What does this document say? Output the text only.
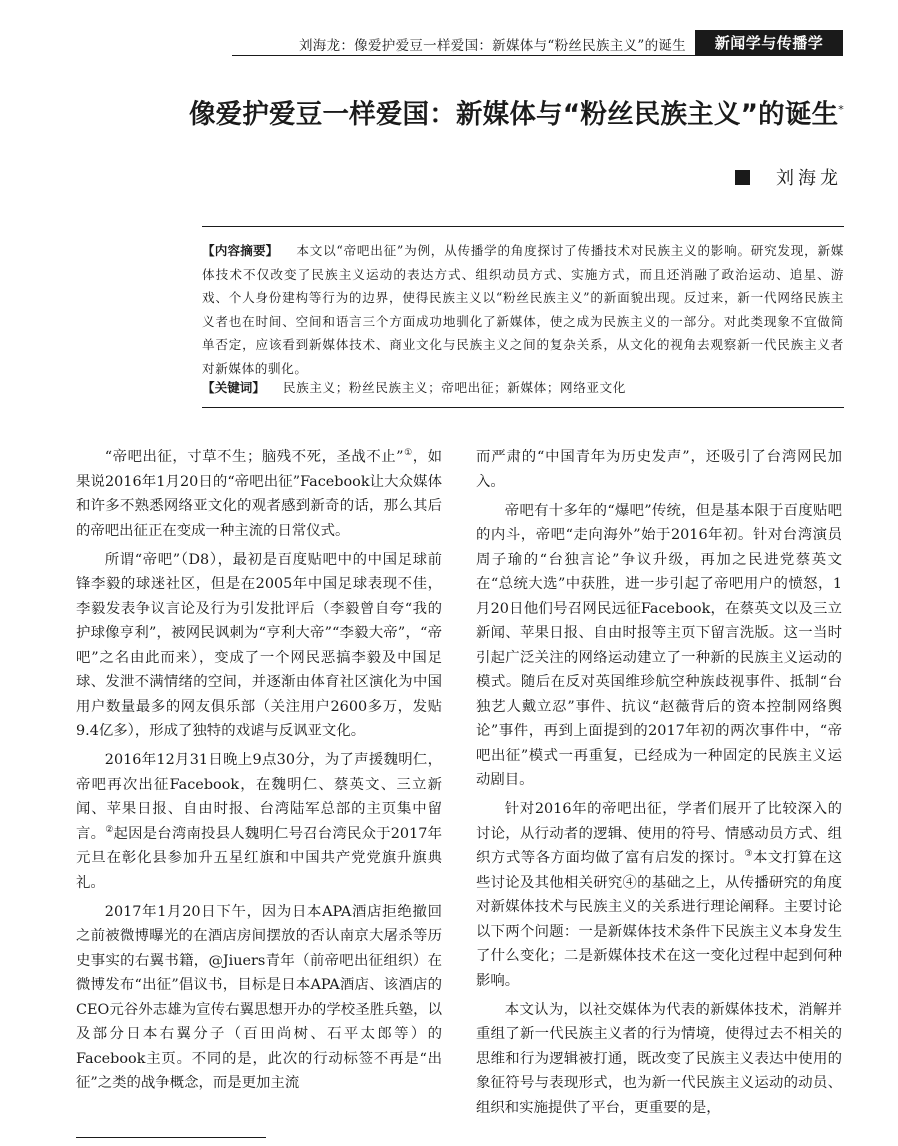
刘海龙：像爱护爱豆一样爱国：新媒体与“粉丝民族主义”的诞生	新闻学与传播学
像爱护爱豆一样爱国：新媒体与“粉丝民族主义”的诞生*
刘海龙
【内容摘要】 本文以“帝吧出征”为例，从传播学的角度探讨了传播技术对民族主义的影响。研究发现，新媒体技术不仅改变了民族主义运动的表达方式、组织动员方式、实施方式，而且还消融了政治运动、追星、游戏、个人身份建构等行为的边界，使得民族主义以“粉丝民族主义”的新面貌出现。反过来，新一代网络民族主义者也在时间、空间和语言三个方面成功地驯化了新媒体，使之成为民族主义的一部分。对此类现象不宜做简单否定，应该看到新媒体技术、商业文化与民族主义之间的复杂关系，从文化的视角去观察新一代民族主义者对新媒体的驯化。
【关键词】 民族主义；粉丝民族主义；帝吧出征；新媒体；网络亚文化

“帝吧出征，寸草不生；脑残不死，圣战不止”①，如果说2016年1月20日的“帝吧出征”Facebook让大众媒体和许多不熟悉网络亚文化的观者感到新奇的话，那么其后的帝吧出征正在变成一种主流的日常仪式。

所谓“帝吧”（D8），最初是百度贴吧中的中国足球前锋李毅的球迷社区，但是在2005年中国足球表现不佳，李毅发表争议言论及行为引发批评后（李毅曾自夸“我的护球像亨利”，被网民讽刺为“亨利大帝”“李毅大帝”，“帝吧”之名由此而来），变成了一个网民恶搞李毅及中国足球、发泄不满情绪的空间，并逐渐由体育社区演化为中国用户数量最多的网友俱乐部（关注用户2600多万，发贴9.4亿多），形成了独特的戏谑与反讽亚文化。

2016年12月31日晚上9点30分，为了声援魏明仁，帝吧再次出征Facebook，在魏明仁、蔡英文、三立新闻、苹果日报、自由时报、台湾陆军总部的主页集中留言。②起因是台湾南投县人魏明仁号召台湾民众于2017年元旦在彰化县参加升五星红旗和中国共产党党旗升旗典礼。

2017年1月20日下午，因为日本APA酒店拒绝撤回之前被微博曝光的在酒店房间摆放的否认南京大屠杀等历史事实的右翼书籍，@Jiuers青年（前帝吧出征组织）在微博发布“出征”倡议书，目标是日本APA酒店、该酒店的CEO元谷外志雄为宣传右翼思想开办的学校圣胜兵塾，以及部分日本右翼分子（百田尚树、石平太郎等）的Facebook主页。不同的是，此次的行动标签不再是“出征”之类的战争概念，而是更加主流

而严肃的“中国青年为历史发声”，还吸引了台湾网民加入。

帝吧有十多年的“爆吧”传统，但是基本限于百度贴吧的内斗，帝吧“走向海外”始于2016年初。针对台湾演员周子瑜的“台独言论”争议升级，再加之民进党蔡英文在“总统大选”中获胜，进一步引起了帝吧用户的愤怒，1月20日他们号召网民远征Facebook，在蔡英文以及三立新闻、苹果日报、自由时报等主页下留言洗版。这一当时引起广泛关注的网络运动建立了一种新的民族主义运动的模式。随后在反对英国维珍航空种族歧视事件、抵制“台独艺人戴立忍”事件、抗议“赵薇背后的资本控制网络舆论”事件，再到上面提到的2017年初的两次事件中，“帝吧出征”模式一再重复，已经成为一种固定的民族主义运动剧目。

针对2016年的帝吧出征，学者们展开了比较深入的讨论，从行动者的逻辑、使用的符号、情感动员方式、组织方式等各方面均做了富有启发的探讨。③本文打算在这些讨论及其他相关研究④的基础之上，从传播研究的角度对新媒体技术与民族主义的关系进行理论阐释。主要讨论以下两个问题：一是新媒体技术条件下民族主义本身发生了什么变化；二是新媒体技术在这一变化过程中起到何种影响。

本文认为，以社交媒体为代表的新媒体技术，消解并重组了新一代民族主义者的行为情境，使得过去不相关的思维和行为逻辑被打通，既改变了民族主义表达中使用的象征符号与表现形式，也为新一代民族主义运动的动员、组织和实施提供了平台，更重要的是，
